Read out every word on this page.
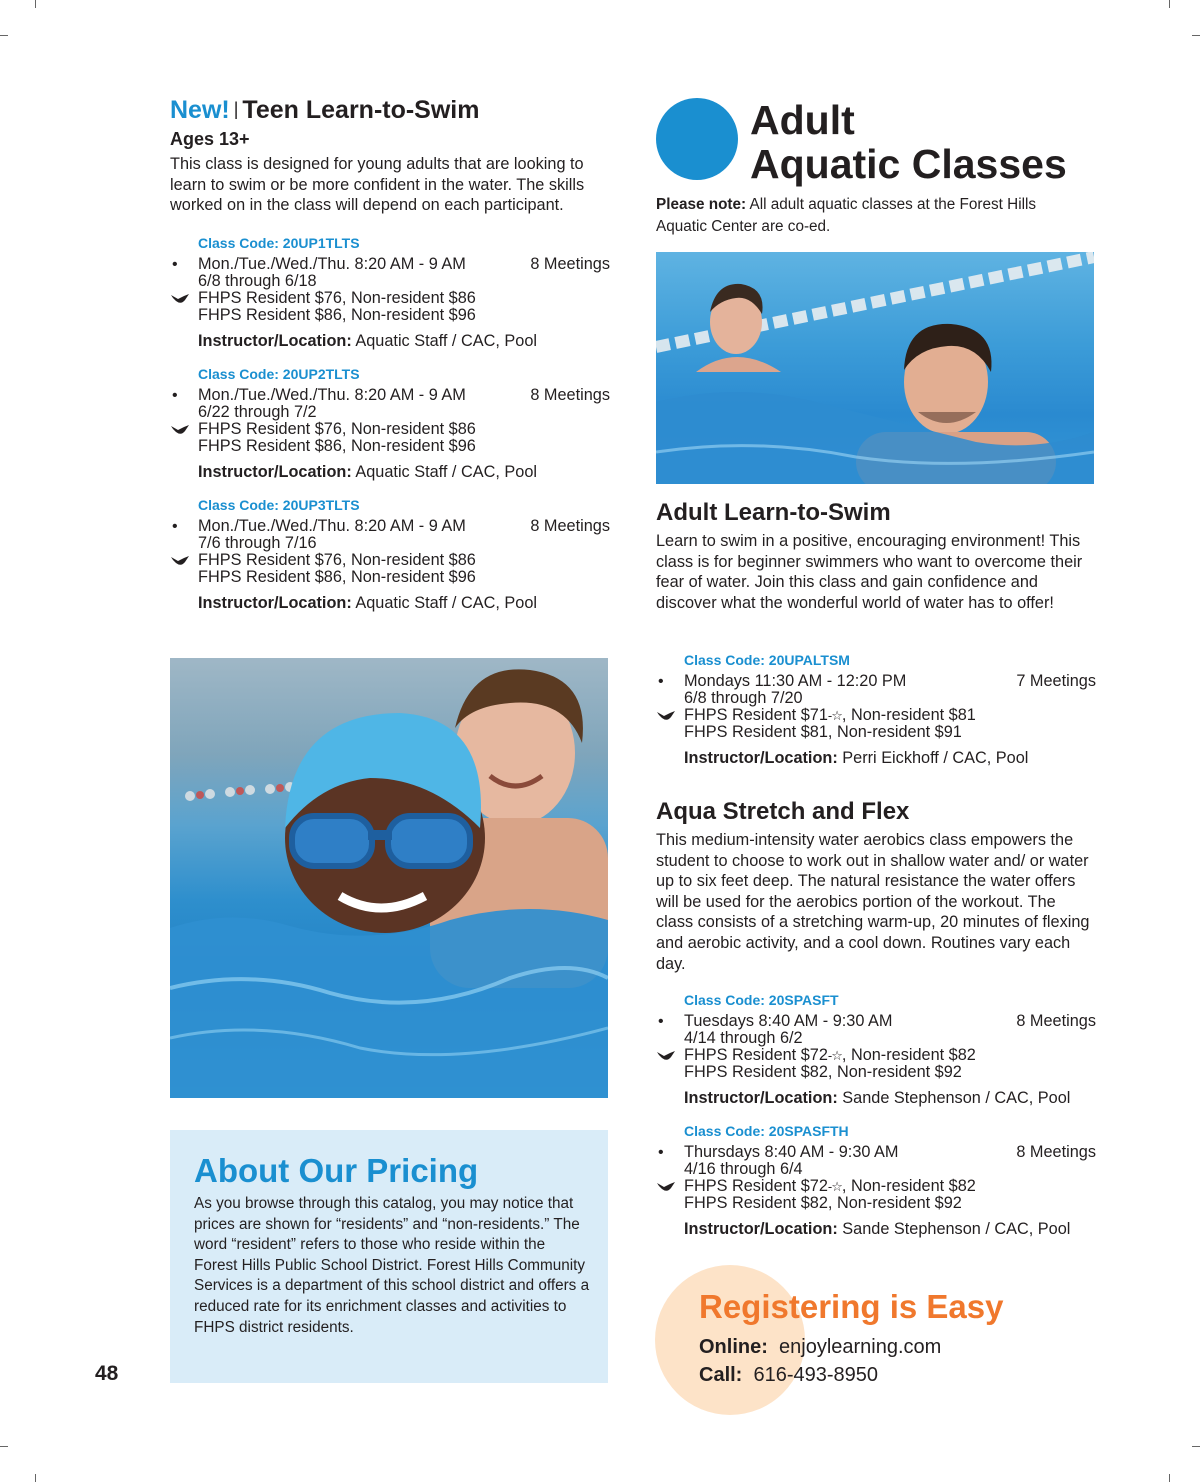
New! | Teen Learn-to-Swim
Ages 13+

This class is designed for young adults that are looking to learn to swim or be more confident in the water. The skills worked on in the class will depend on each participant.

Class Code: 20UP1TLTS
• Mon./Tue./Wed./Thu. 8:20 AM - 9 AM	8 Meetings
6/8 through 6/18
FHPS Resident $76, Non-resident $86
FHPS Resident $86, Non-resident $96
Instructor/Location: Aquatic Staff / CAC, Pool
Class Code: 20UP2TLTS
• Mon./Tue./Wed./Thu. 8:20 AM - 9 AM	8 Meetings
6/22 through 7/2
FHPS Resident $76, Non-resident $86
FHPS Resident $86, Non-resident $96
Instructor/Location: Aquatic Staff / CAC, Pool
Class Code: 20UP3TLTS
• Mon./Tue./Wed./Thu. 8:20 AM - 9 AM	8 Meetings
7/6 through 7/16
FHPS Resident $76, Non-resident $86
FHPS Resident $86, Non-resident $96
Instructor/Location: Aquatic Staff / CAC, Pool
About Our Pricing

As you browse through this catalog, you may notice that prices are shown for “residents” and “non-residents.” The word “resident” refers to those who reside within the Forest Hills Public School District. Forest Hills Community Services is a department of this school district and offers a reduced rate for its enrichment classes and activities to FHPS district residents.

48
Adult
Aquatic Classes

Please note: All adult aquatic classes at the Forest Hills Aquatic Center are co-ed.

Adult Learn-to-Swim

Learn to swim in a positive, encouraging environment! This class is for beginner swimmers who want to overcome their fear of water. Join this class and gain confidence and discover what the wonderful world of water has to offer!

Class Code: 20UPALTSM
• Mondays 11:30 AM - 12:20 PM	7 Meetings
6/8 through 7/20
FHPS Resident $71-☆, Non-resident $81
FHPS Resident $81, Non-resident $91
Instructor/Location: Perri Eickhoff / CAC, Pool
Aqua Stretch and Flex

This medium-intensity water aerobics class empowers the student to choose to work out in shallow water and/ or water up to six feet deep. The natural resistance the water offers will be used for the aerobics portion of the workout. The class consists of a stretching warm-up, 20 minutes of flexing and aerobic activity, and a cool down. Routines vary each day.

Class Code: 20SPASFT
• Tuesdays 8:40 AM - 9:30 AM	8 Meetings
4/14 through 6/2
FHPS Resident $72-☆, Non-resident $82
FHPS Resident $82, Non-resident $92
Instructor/Location: Sande Stephenson / CAC, Pool
Class Code: 20SPASFTH
• Thursdays 8:40 AM - 9:30 AM	8 Meetings
4/16 through 6/4
FHPS Resident $72-☆, Non-resident $82
FHPS Resident $82, Non-resident $92
Instructor/Location: Sande Stephenson / CAC, Pool
Registering is Easy
Online: enjoylearning.com
Call: 616-493-8950
